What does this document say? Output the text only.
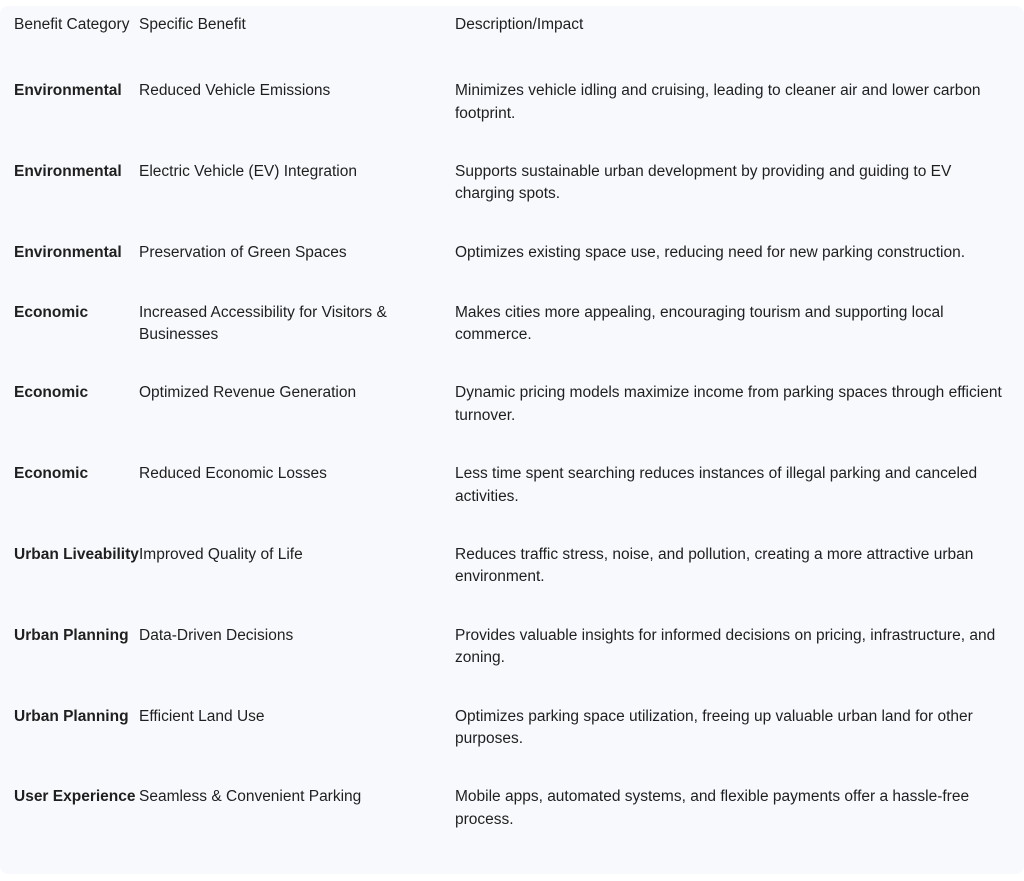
Benefit Category	Specific Benefit	Description/Impact
Environmental	Reduced Vehicle Emissions	Minimizes vehicle idling and cruising, leading to cleaner air and lower carbon footprint.
Environmental	Electric Vehicle (EV) Integration	Supports sustainable urban development by providing and guiding to EV charging spots.
Environmental	Preservation of Green Spaces	Optimizes existing space use, reducing need for new parking construction.
Economic	Increased Accessibility for Visitors & Businesses	Makes cities more appealing, encouraging tourism and supporting local commerce.
Economic	Optimized Revenue Generation	Dynamic pricing models maximize income from parking spaces through efficient turnover.
Economic	Reduced Economic Losses	Less time spent searching reduces instances of illegal parking and canceled activities.
Urban Liveability	Improved Quality of Life	Reduces traffic stress, noise, and pollution, creating a more attractive urban environment.
Urban Planning	Data-Driven Decisions	Provides valuable insights for informed decisions on pricing, infrastructure, and zoning.
Urban Planning	Efficient Land Use	Optimizes parking space utilization, freeing up valuable urban land for other purposes.
User Experience	Seamless & Convenient Parking	Mobile apps, automated systems, and flexible payments offer a hassle-free process.
